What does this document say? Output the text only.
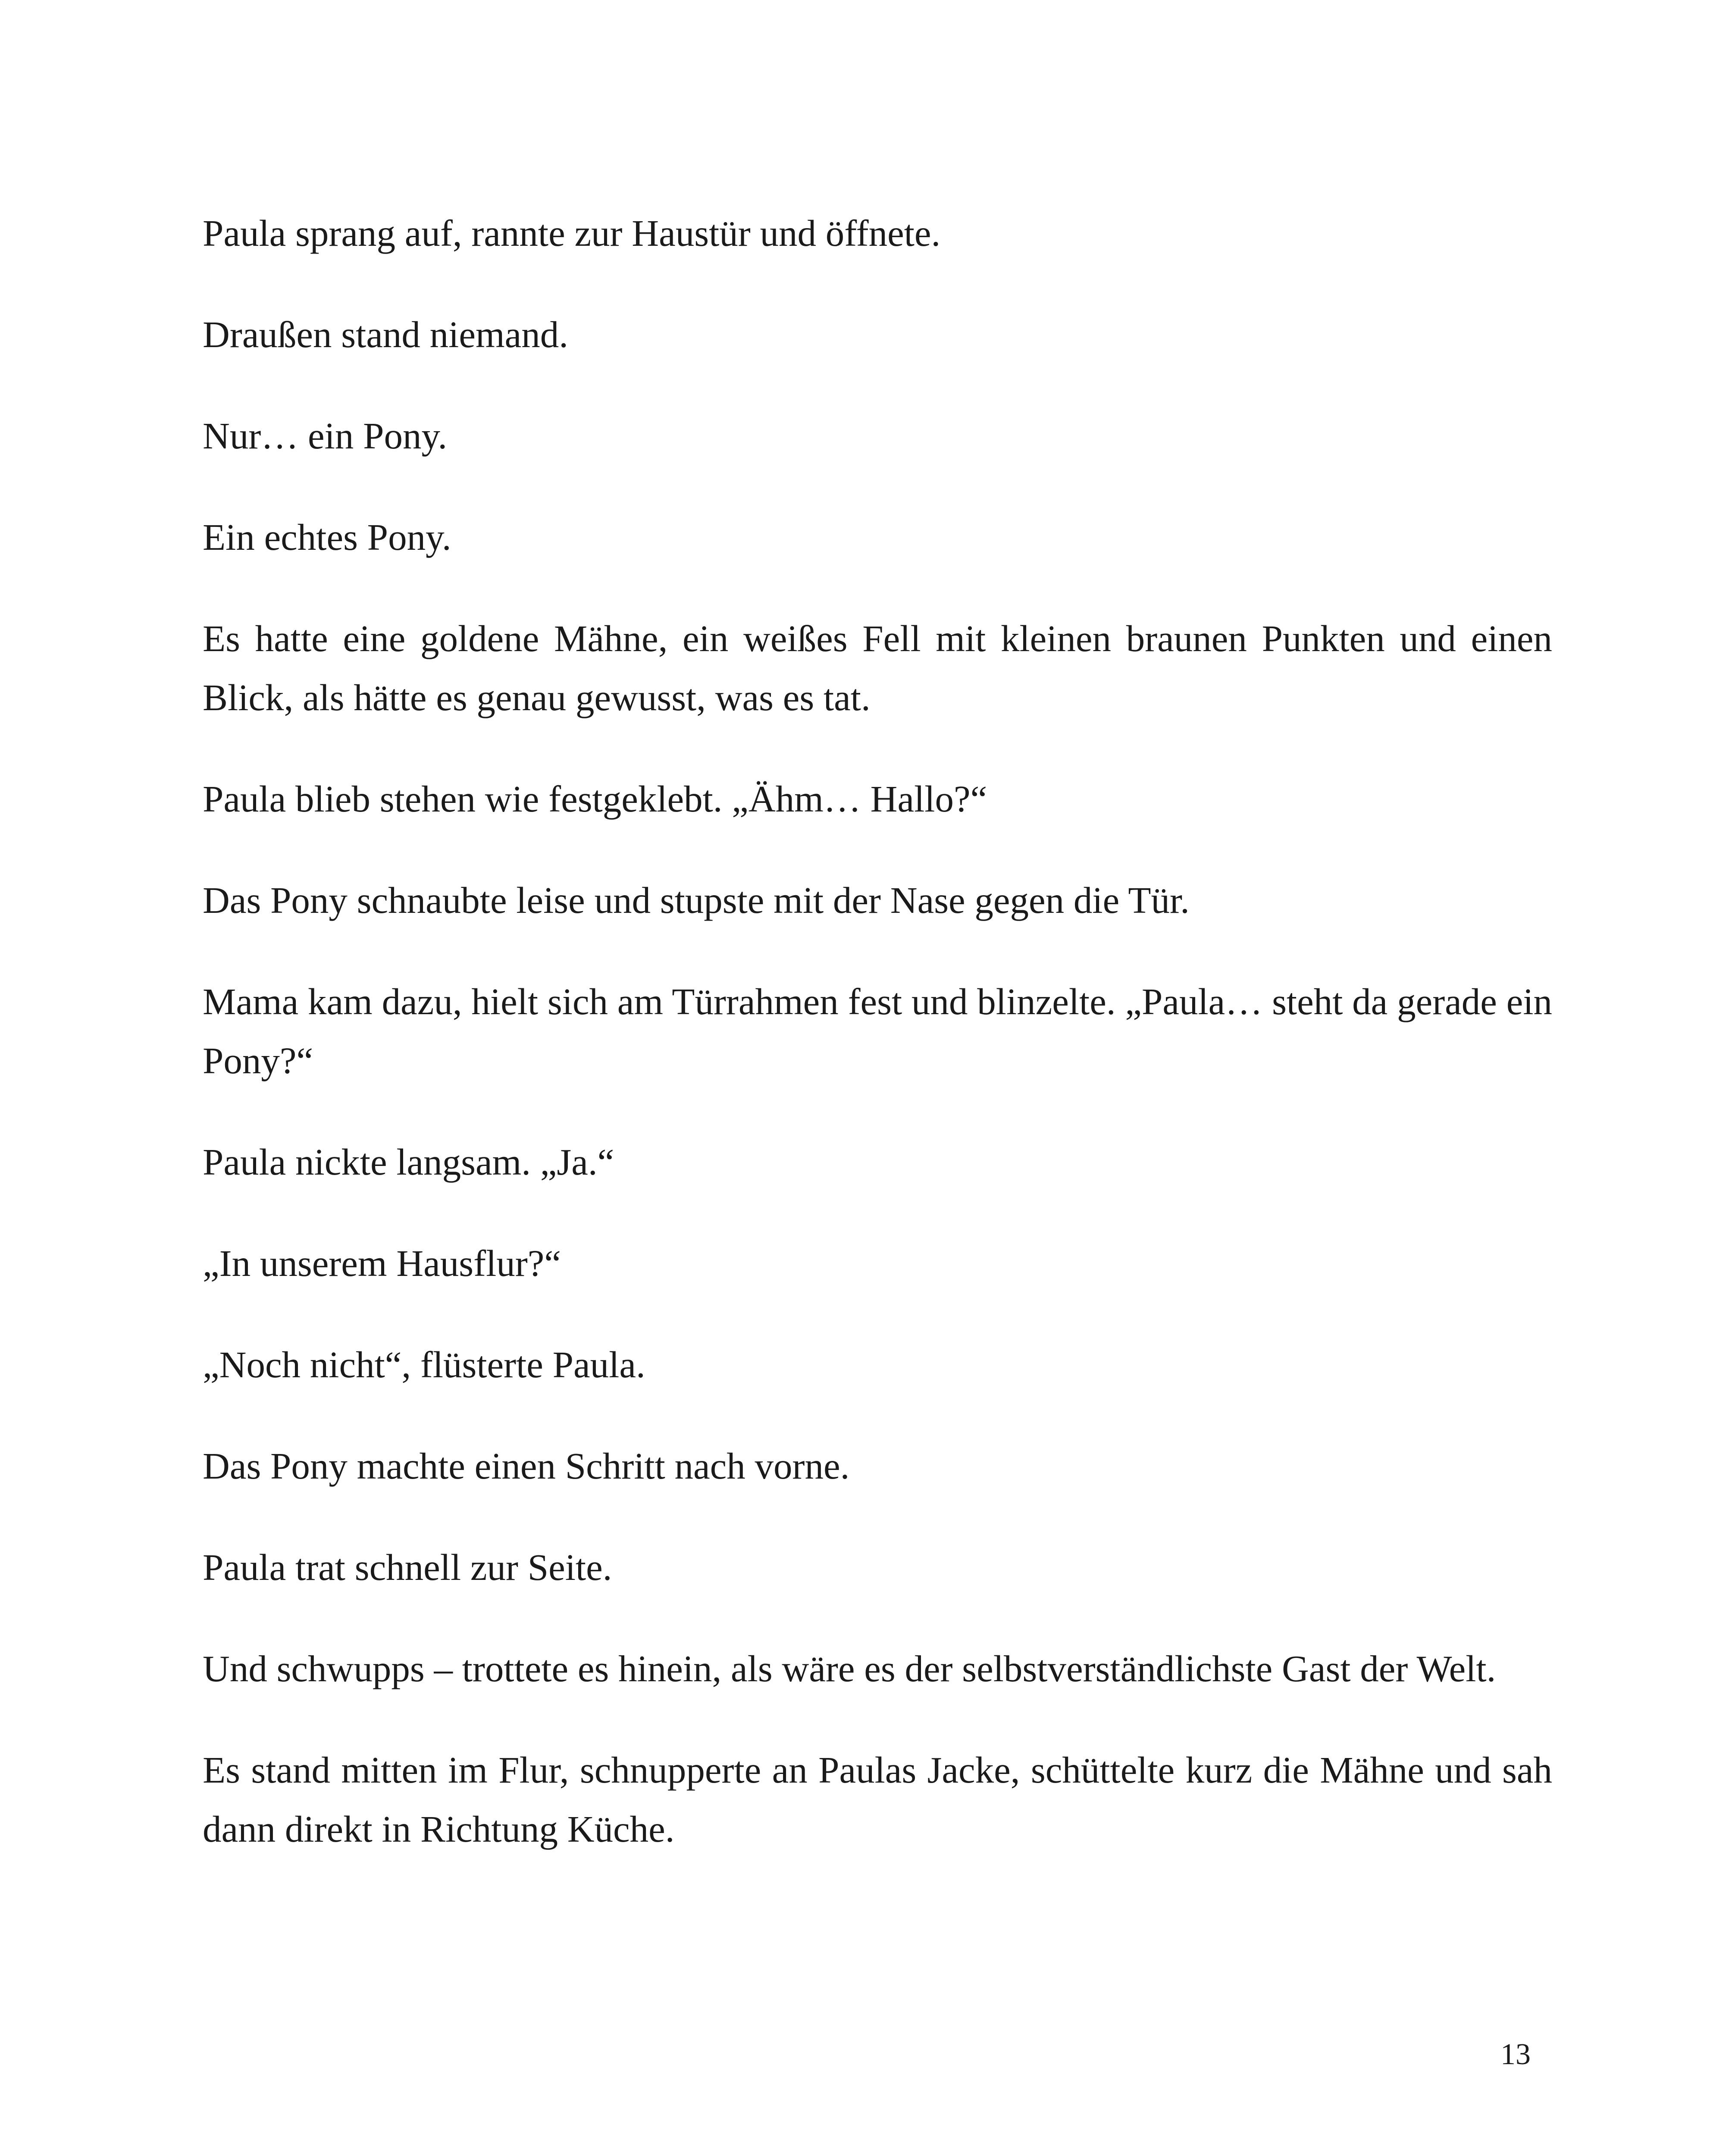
Paula sprang auf, rannte zur Haustür und öffnete.

Draußen stand niemand.

Nur… ein Pony.

Ein echtes Pony.

Es hatte eine goldene Mähne, ein weißes Fell mit kleinen braunen Punkten und einen Blick, als hätte es genau gewusst, was es tat.

Paula blieb stehen wie festgeklebt. „Ähm… Hallo?“

Das Pony schnaubte leise und stupste mit der Nase gegen die Tür.

Mama kam dazu, hielt sich am Türrahmen fest und blinzelte. „Paula… steht da gerade ein Pony?“

Paula nickte langsam. „Ja.“

„In unserem Hausflur?“

„Noch nicht“, flüsterte Paula.

Das Pony machte einen Schritt nach vorne.

Paula trat schnell zur Seite.

Und schwupps – trottete es hinein, als wäre es der selbstverständlichste Gast der Welt.

Es stand mitten im Flur, schnupperte an Paulas Jacke, schüttelte kurz die Mähne und sah dann direkt in Richtung Küche.

13
